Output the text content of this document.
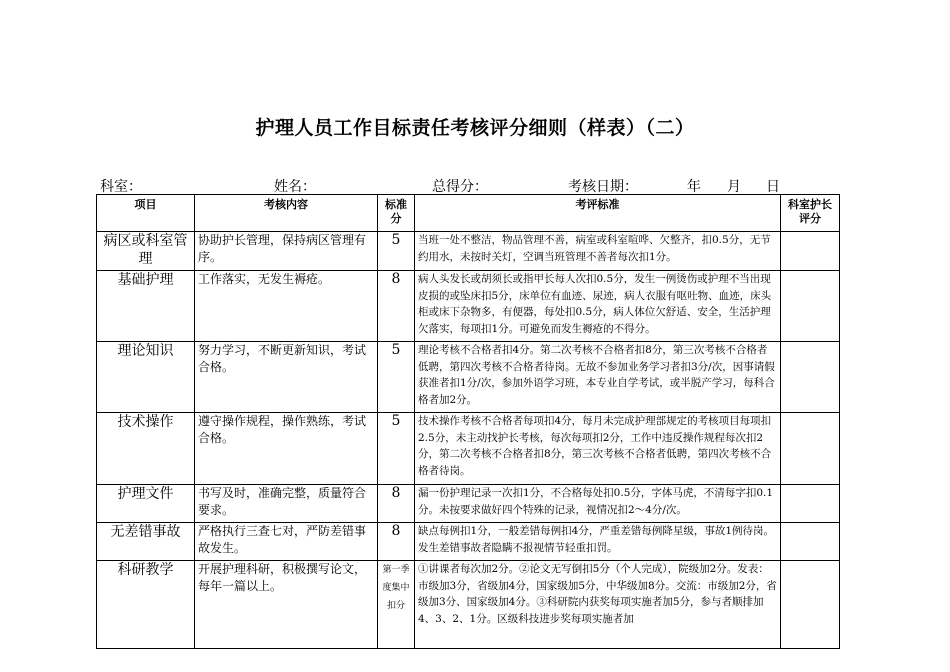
护理人员工作目标责任考核评分细则（样表）（二）
科室：	姓名：	总得分：	考核日期：	年 月 日
项目	考核内容	标准分	考评标准	科室护长评分
病区或科室管理	协助护长管理，保持病区管理有序。	5	当班一处不整洁，物品管理不善，病室或科室喧哗、欠整齐，扣0.5分，无节约用水，未按时关灯，空调当班管理不善者每次扣1分。	
基础护理	工作落实，无发生褥疮。	8	病人头发长或胡须长或指甲长每人次扣0.5分，发生一例烫伤或护理不当出现皮损的或坠床扣5分，床单位有血迹、尿迹，病人衣服有呕吐物、血迹，床头柜或床下杂物多，有便器，每处扣0.5分，病人体位欠舒适、安全，生活护理欠落实，每项扣1分。可避免而发生褥疮的不得分。	
理论知识	努力学习，不断更新知识，考试合格。	5	理论考核不合格者扣4分。第二次考核不合格者扣8分，第三次考核不合格者低聘，第四次考核不合格者待岗。无故不参加业务学习者扣3分/次，因事请假获准者扣1分/次，参加外语学习班，本专业自学考试，或半脱产学习，每科合格者加2分。	
技术操作	遵守操作规程，操作熟练，考试合格。	5	技术操作考核不合格者每项扣4分，每月未完成护理部规定的考核项目每项扣2.5分，未主动找护长考核，每次每项扣2分，工作中违反操作规程每次扣2分，第二次考核不合格者扣8分，第三次考核不合格者低聘，第四次考核不合格者待岗。	
护理文件	书写及时，准确完整，质量符合要求。	8	漏一份护理记录一次扣1分，不合格每处扣0.5分，字体马虎，不清每字扣0.1分。未按要求做好四个特殊的记录，视情况扣2～4分/次。	
无差错事故	严格执行三查七对，严防差错事故发生。	8	缺点每例扣1分，一般差错每例扣4分，严重差错每例降星级，事故1例待岗。发生差错事故者隐瞒不报视情节轻重扣罚。	
科研教学	开展护理科研，积极撰写论文，每年一篇以上。	第一季度集中扣分	①讲课者每次加2分。②论文无写倒扣5分（个人完成），院级加2分。发表：市级加3分，省级加4分，国家级加5分，中华级加8分。交流：市级加2分，省级加3分、国家级加4分。③科研院内获奖每项实施者加5分，参与者顺排加4、3、2、1分。区级科技进步奖每项实施者加	
